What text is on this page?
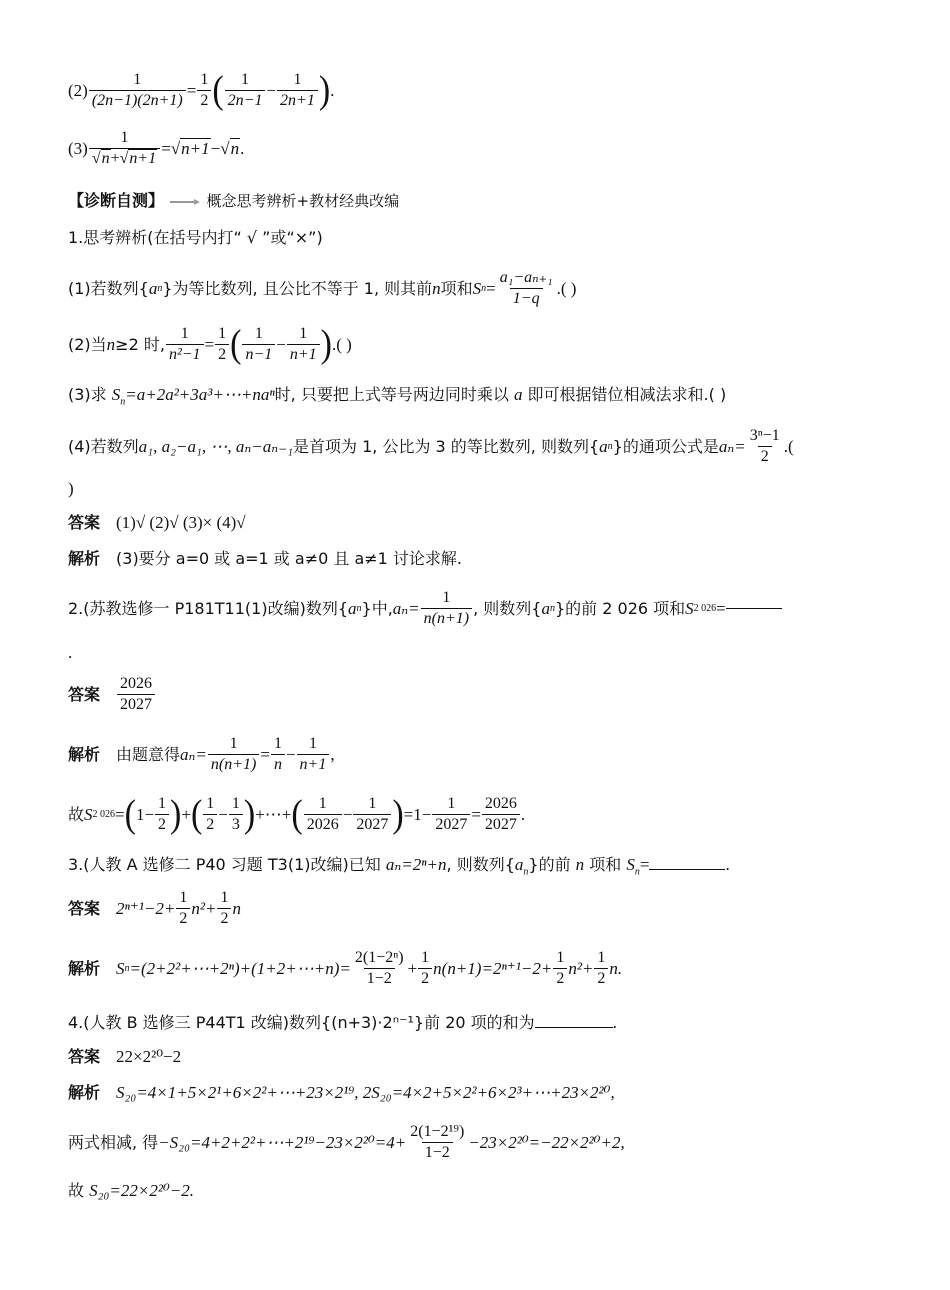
$(2) \frac{1}{(2n-1)(2n+1)} = \frac{1}{2}$ ( $\frac{1}{2n-1} - \frac{1}{2n+1}$ ) .
$(3) \frac{1}{√n+√n+1} = √n+1 - √n$ .
【诊断自测】	概念思考辨析+教材经典改编
1.思考辨析(在括号内打“ √ ”或“×”)
(1)若数列{ a n }为等比数列, 且公比不等于 1, 则其前 n 项和 S $n = \frac{\text{a₁−aₙ₊₁}}{1-q}$ .( )
(2)当 n ≥2 时, $\frac{1}{\text{n²−1}} = \frac{1}{2}$ ( $\frac{1}{n-1} - \frac{1}{n+1}$ ) .( )
(3)求 $S_n=a+2a^2+3a^3+\cdots+na^n$时, 只要把上式等号两边同时乘以 a 即可根据错位相减法求和.( )
(4)若数列 a₁, a₂−a₁, ⋯, aₙ−aₙ₋₁ 是首项为 1, 公比为 3 的等比数列, 则数列{ a n }的通项公式是 $a_n= \frac{\text{3ⁿ−1}}{2}$ .(
)
答案 (1)√ (2)√ (3)× (4)√
解析 (3)要分 a=0 或 a=1 或 a≠0 且 a≠1 讨论求解.
2.(苏教选修一 P181T11(1)改编)数列{ a n }中, $a_n= \frac{1}{n(n+1)}$ , 则数列{ a n }的前 2 026 项和 S 2 026 =
.
答案 $\frac{2026}{2027}$
解析 由题意得 $a_n= \frac{1}{n(n+1)} = \frac{1}{n} - \frac{1}{n+1}$ ,
故 S 2 026 = ( $1- \frac{1}{2}$ ) + ( $\frac{1}{2} - \frac{1}{3}$ ) +⋯+ ( $\frac{1}{2026} - \frac{1}{2027}$ ) $=1- \frac{1}{2027} = \frac{2026}{2027}$ .
3.(人教 A 选修二 P40 习题 T3(1)改编)已知 aₙ=2ⁿ+n, 则数列$\{a_n\}$的前 n 项和 $S_n=$	.
答案 $2^{n+1}-2+ \frac{1}{2} n^2+ \frac{1}{2}$ n
解析 S n =(2+2²+⋯+2ⁿ)+(1+2+⋯+n)= $\frac{\text{2(1−2ⁿ)}}{1-2} + \frac{1}{2} n(n+1)=2^{n+1}-2+ \frac{1}{2} n^2+ \frac{1}{2} n$.
4.(人教 B 选修三 P44T1 改编)数列{(n+3)·2ⁿ⁻¹}前 20 项的和为	.
答案 22×2²⁰−2
解析 S₂₀=4×1+5×2¹+6×2²+⋯+23×2¹⁹, 2S₂₀=4×2+5×2²+6×2³+⋯+23×2²⁰,
两式相减, 得 −S₂₀=4+2+2²+⋯+2¹⁹−23×2²⁰=4+ $\frac{\text{2(1−2¹⁹)}}{1-2} -23\times 2^{20}=-22\times 2^{20}+2$,
故 S₂₀=22×2²⁰−2.
